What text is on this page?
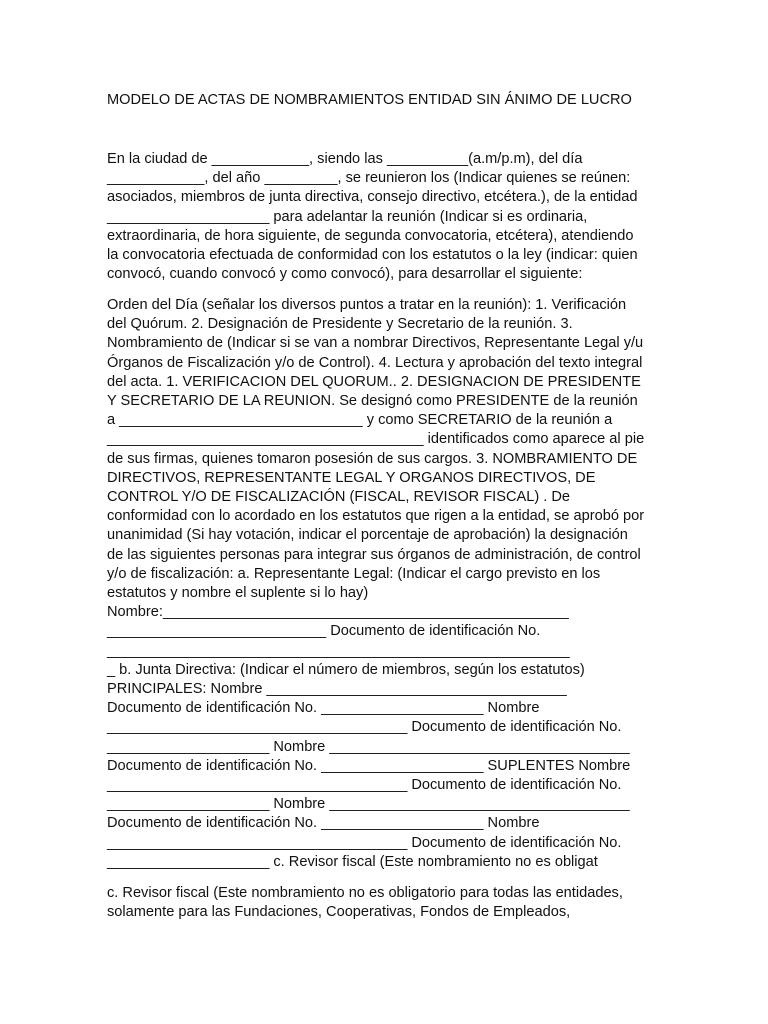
MODELO DE ACTAS DE NOMBRAMIENTOS ENTIDAD SIN ÁNIMO DE LUCRO
En la ciudad de ____________, siendo las __________(a.m/p.m), del día
____________, del año _________, se reunieron los (Indicar quienes se reúnen:
asociados, miembros de junta directiva, consejo directivo, etcétera.), de la entidad
____________________ para adelantar la reunión (Indicar si es ordinaria,
extraordinaria, de hora siguiente, de segunda convocatoria, etcétera), atendiendo
la convocatoria efectuada de conformidad con los estatutos o la ley (indicar: quien
convocó, cuando convocó y como convocó), para desarrollar el siguiente:
Orden del Día (señalar los diversos puntos a tratar en la reunión): 1. Verificación
del Quórum. 2. Designación de Presidente y Secretario de la reunión. 3.
Nombramiento de (Indicar si se van a nombrar Directivos, Representante Legal y/u
Órganos de Fiscalización y/o de Control). 4. Lectura y aprobación del texto integral
del acta. 1. VERIFICACION DEL QUORUM.. 2. DESIGNACION DE PRESIDENTE
Y SECRETARIO DE LA REUNION. Se designó como PRESIDENTE de la reunión
a ______________________________ y como SECRETARIO de la reunión a
_______________________________________ identificados como aparece al pie
de sus firmas, quienes tomaron posesión de sus cargos. 3. NOMBRAMIENTO DE
DIRECTIVOS, REPRESENTANTE LEGAL Y ORGANOS DIRECTIVOS, DE
CONTROL Y/O DE FISCALIZACIÓN (FISCAL, REVISOR FISCAL) . De
conformidad con lo acordado en los estatutos que rigen a la entidad, se aprobó por
unanimidad (Si hay votación, indicar el porcentaje de aprobación) la designación
de las siguientes personas para integrar sus órganos de administración, de control
y/o de fiscalización: a. Representante Legal: (Indicar el cargo previsto en los
estatutos y nombre el suplente si lo hay)
Nombre:__________________________________________________
___________________________ Documento de identificación No.
_________________________________________________________
_ b. Junta Directiva: (Indicar el número de miembros, según los estatutos)
PRINCIPALES: Nombre _____________________________________
Documento de identificación No. ____________________ Nombre
_____________________________________ Documento de identificación No.
____________________ Nombre _____________________________________
Documento de identificación No. ____________________ SUPLENTES Nombre
_____________________________________ Documento de identificación No.
____________________ Nombre _____________________________________
Documento de identificación No. ____________________ Nombre
_____________________________________ Documento de identificación No.
____________________ c. Revisor fiscal (Este nombramiento no es obligat
c. Revisor fiscal (Este nombramiento no es obligatorio para todas las entidades,
solamente para las Fundaciones, Cooperativas, Fondos de Empleados,
